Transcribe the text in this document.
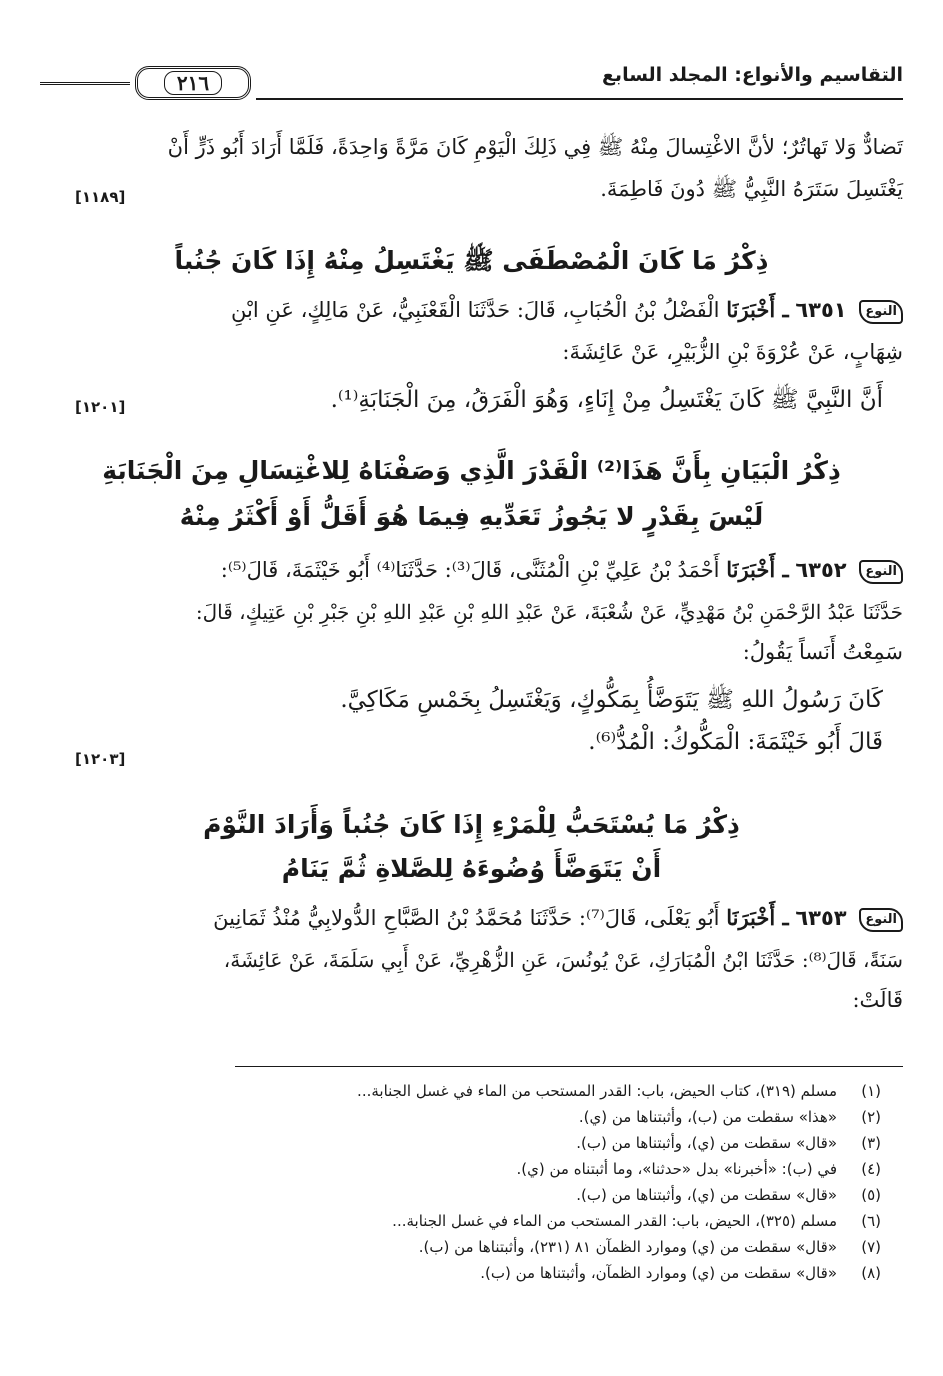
التقاسيم والأنواع: المجلد السابع
٢١٦
تَضادٌّ وَلا تَهاتُرٌ؛ لأنَّ الاغْتِسالَ مِنْهُ ﷺ فِي ذَلِكَ الْيَوْمِ كَانَ مَرَّةً وَاحِدَةً، فَلَمَّا أَرَادَ أَبُو ذَرٍّ أَنْ
يَغْتَسِلَ سَتَرَهُ النَّبِيُّ ﷺ دُونَ فَاطِمَةَ.
[١١٨٩]
ذِكْرُ مَا كَانَ الْمُصْطَفَى ﷺ يَغْتَسِلُ مِنْهُ إِذَا كَانَ جُنُباً
النوع ٦٣٥١ ـ أَخْبَرَنَا الْفَضْلُ بْنُ الْحُبَابِ، قَالَ: حَدَّثَنَا الْقَعْنَبِيُّ، عَنْ مَالِكٍ، عَنِ ابْنِ
شِهَابٍ، عَنْ عُرْوَةَ بْنِ الزُّبَيْرِ، عَنْ عَائِشَةَ:
أَنَّ النَّبِيَّ ﷺ كَانَ يَغْتَسِلُ مِنْ إِنَاءٍ، وَهُوَ الْفَرَقُ، مِنَ الْجَنَابَةِ⁽¹⁾.
[١٢٠١]
ذِكْرُ الْبَيَانِ بِأَنَّ هَذَا⁽²⁾ الْقَدْرَ الَّذِي وَصَفْنَاهُ لِلاغْتِسَالِ مِنَ الْجَنَابَةِ
لَيْسَ بِقَدْرٍ لا يَجُوزُ تَعَدِّيهِ فِيمَا هُوَ أَقَلُّ أَوْ أَكْثَرُ مِنْهُ
النوع ٦٣٥٢ ـ أَخْبَرَنَا أَحْمَدُ بْنُ عَلِيِّ بْنِ الْمُثَنَّى، قَالَ⁽³⁾: حَدَّثَنَا⁽⁴⁾ أَبُو خَيْثَمَةَ، قَالَ⁽⁵⁾:
حَدَّثَنَا عَبْدُ الرَّحْمَنِ بْنُ مَهْدِيٍّ، عَنْ شُعْبَةَ، عَنْ عَبْدِ اللهِ بْنِ عَبْدِ اللهِ بْنِ جَبْرِ بْنِ عَتِيكٍ، قَالَ:
سَمِعْتُ أَنَساً يَقُولُ:
كَانَ رَسُولُ اللهِ ﷺ يَتَوَضَّأُ بِمَكُّوكٍ، وَيَغْتَسِلُ بِخَمْسِ مَكَاكِيَّ.
قَالَ أَبُو خَيْثَمَةَ: الْمَكُّوكُ: الْمُدُّ⁽⁶⁾.
[١٢٠٣]
ذِكْرُ مَا يُسْتَحَبُّ لِلْمَرْءِ إِذَا كَانَ جُنُباً وَأَرَادَ النَّوْمَ
أَنْ يَتَوَضَّأَ وُضُوءَهُ لِلصَّلاةِ ثُمَّ يَنَامُ
النوع ٦٣٥٣ ـ أَخْبَرَنَا أَبُو يَعْلَى، قَالَ⁽⁷⁾: حَدَّثَنَا مُحَمَّدُ بْنُ الصَّبَّاحِ الدُّولابِيُّ مُنْذُ ثَمَانِينَ
سَنَةً، قَالَ⁽⁸⁾: حَدَّثَنَا ابْنُ الْمُبَارَكِ، عَنْ يُونُسَ، عَنِ الزُّهْرِيِّ، عَنْ أَبِي سَلَمَةَ، عَنْ عَائِشَةَ،
قَالَتْ:
(١)
مسلم (٣١٩)، كتاب الحيض، باب: القدر المستحب من الماء في غسل الجنابة...
(٢)
«هذا» سقطت من (ب)، وأثبتناها من (ي).
(٣)
«قال» سقطت من (ي)، وأثبتناها من (ب).
(٤)
في (ب): «أخبرنا» بدل «حدثنا»، وما أثبتناه من (ي).
(٥)
«قال» سقطت من (ي)، وأثبتناها من (ب).
(٦)
مسلم (٣٢٥)، الحيض، باب: القدر المستحب من الماء في غسل الجنابة...
(٧)
«قال» سقطت من (ي) وموارد الظمآن ٨١ (٢٣١)، وأثبتناها من (ب).
(٨)
«قال» سقطت من (ي) وموارد الظمآن، وأثبتناها من (ب).
